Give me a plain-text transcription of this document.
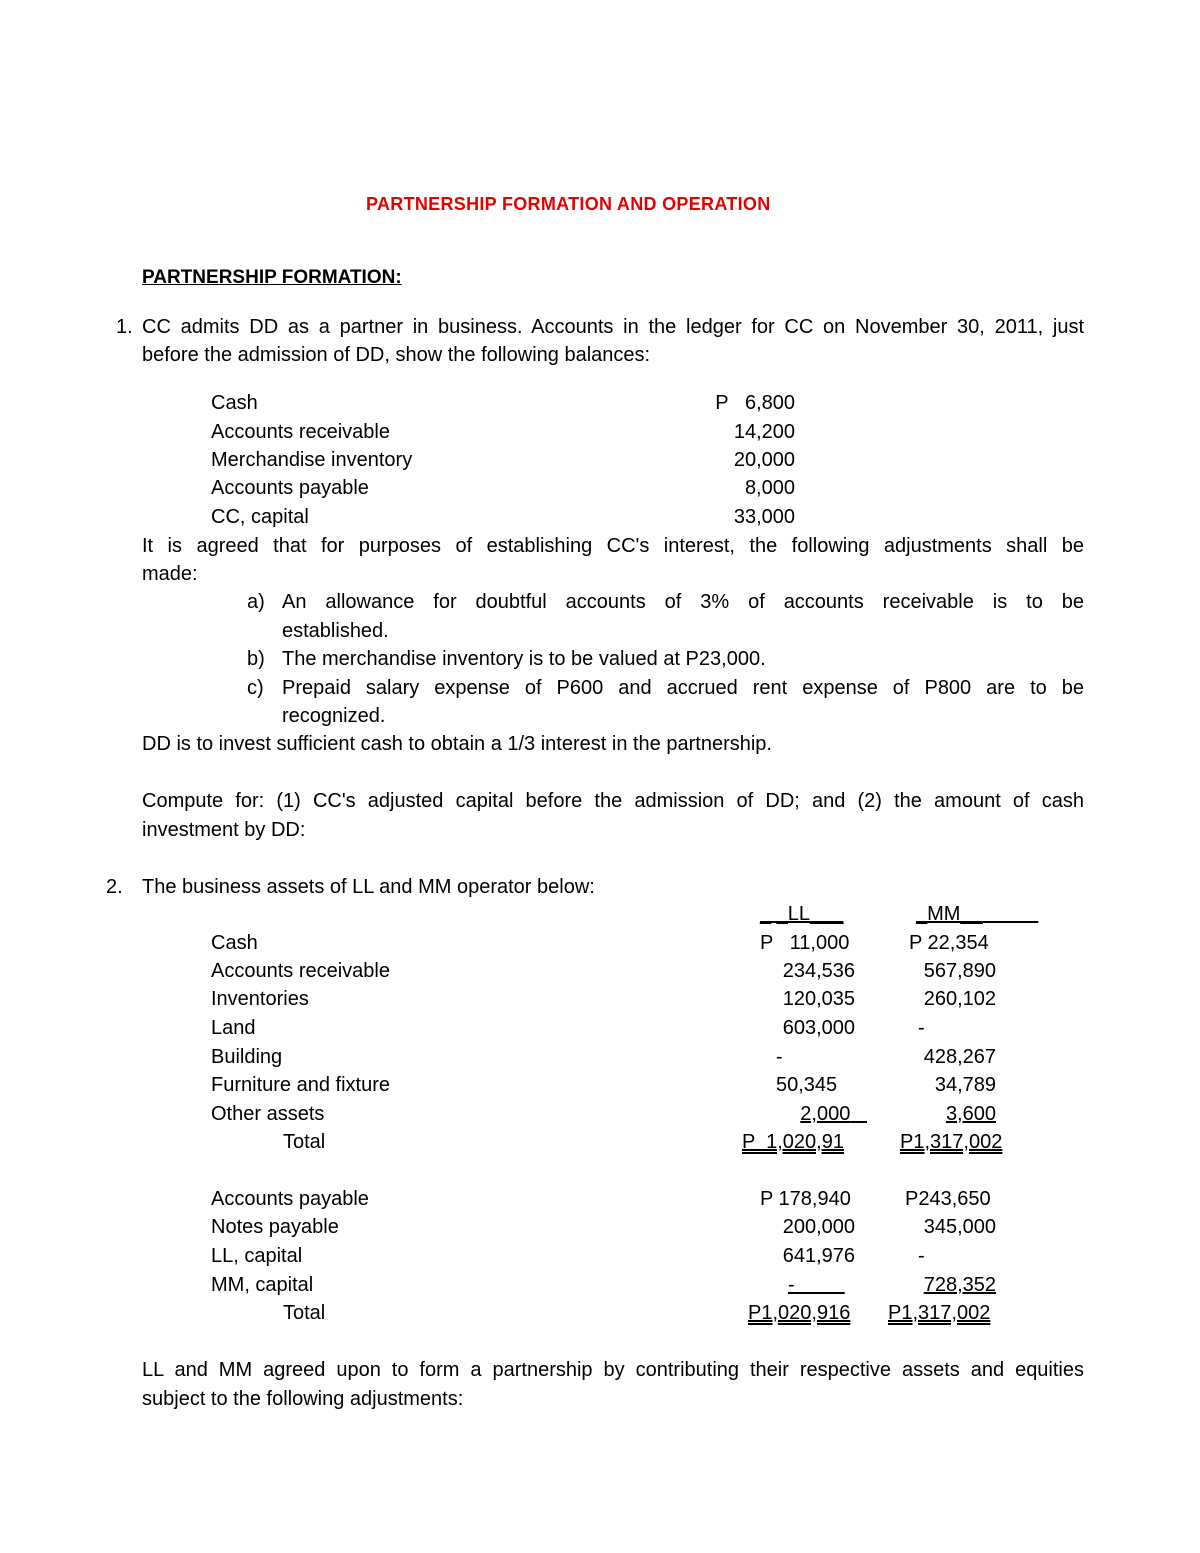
PARTNERSHIP FORMATION AND OPERATION
PARTNERSHIP FORMATION:
1. CC admits DD as a partner in business. Accounts in the ledger for CC on November 30, 2011, just
before the admission of DD, show the following balances:
Cash	P   6,800
Accounts receivable	14,200
Merchandise inventory	20,000
Accounts payable	8,000
CC, capital	33,000
It is agreed that for purposes of establishing CC's interest, the following adjustments shall be
made:
a) An allowance for doubtful accounts of 3% of accounts receivable is to be
established.
b) The merchandise inventory is to be valued at P23,000.
c) Prepaid salary expense of P600 and accrued rent expense of P800 are to be
recognized.
DD is to invest sufficient cash to obtain a 1/3 interest in the partnership.
Compute for: (1) CC's adjusted capital before the admission of DD; and (2) the amount of cash
investment by DD:
2. The business assets of LL and MM operator below:
_ _LL___	_MM__
Cash	P   11,000	P 22,354
Accounts receivable	234,536	567,890
Inventories	120,035	260,102
Land	603,000	-
Building	-	428,267
Furniture and fixture	50,345	34,789
Other assets	2,000	3,600
Total	P  1,020,91	P1,317,002
Accounts payable	P 178,940	P243,650
Notes payable	200,000	345,000
LL, capital	641,976	-
MM, capital	-	728,352
Total	P1,020,916 P1,317,002
LL and MM agreed upon to form a partnership by contributing their respective assets and equities
subject to the following adjustments:
